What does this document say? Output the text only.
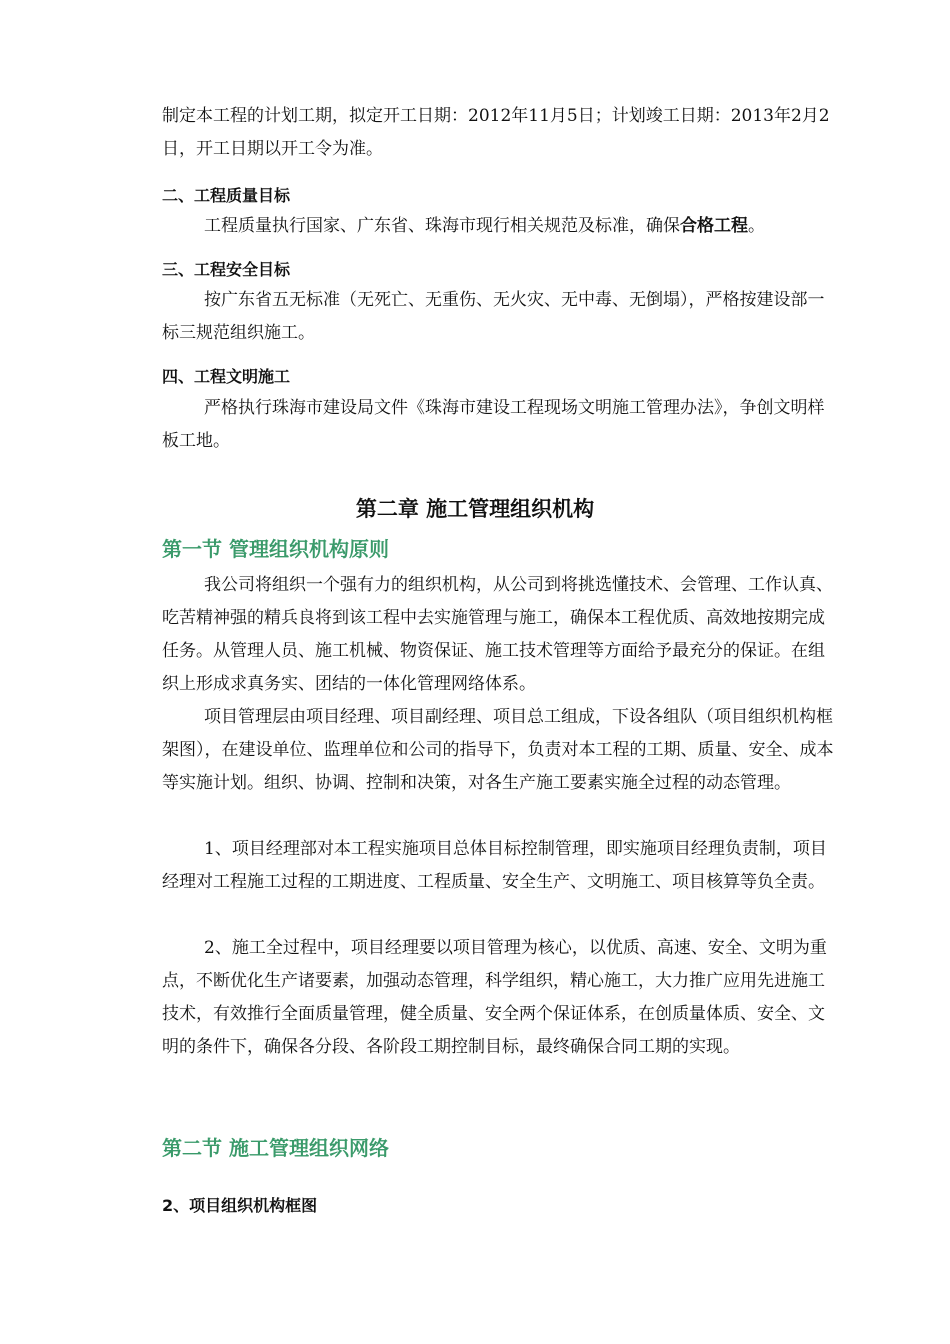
制定本工程的计划工期，拟定开工日期：2012年11月5日；计划竣工日期：2013年2月2日，开工日期以开工令为准。

二、工程质量目标

工程质量执行国家、广东省、珠海市现行相关规范及标准，确保合格工程。

三、工程安全目标

按广东省五无标准（无死亡、无重伤、无火灾、无中毒、无倒塌），严格按建设部一标三规范组织施工。

四、工程文明施工

严格执行珠海市建设局文件《珠海市建设工程现场文明施工管理办法》，争创文明样板工地。

第二章 施工管理组织机构

第一节 管理组织机构原则

我公司将组织一个强有力的组织机构，从公司到将挑选懂技术、会管理、工作认真、吃苦精神强的精兵良将到该工程中去实施管理与施工，确保本工程优质、高效地按期完成任务。从管理人员、施工机械、物资保证、施工技术管理等方面给予最充分的保证。在组织上形成求真务实、团结的一体化管理网络体系。

项目管理层由项目经理、项目副经理、项目总工组成，下设各组队（项目组织机构框架图），在建设单位、监理单位和公司的指导下，负责对本工程的工期、质量、安全、成本等实施计划。组织、协调、控制和决策，对各生产施工要素实施全过程的动态管理。

1、项目经理部对本工程实施项目总体目标控制管理，即实施项目经理负责制，项目经理对工程施工过程的工期进度、工程质量、安全生产、文明施工、项目核算等负全责。

2、施工全过程中，项目经理要以项目管理为核心，以优质、高速、安全、文明为重点，不断优化生产诸要素，加强动态管理，科学组织，精心施工，大力推广应用先进施工技术，有效推行全面质量管理，健全质量、安全两个保证体系，在创质量体质、安全、文明的条件下，确保各分段、各阶段工期控制目标，最终确保合同工期的实现。

第二节 施工管理组织网络

2、项目组织机构框图
